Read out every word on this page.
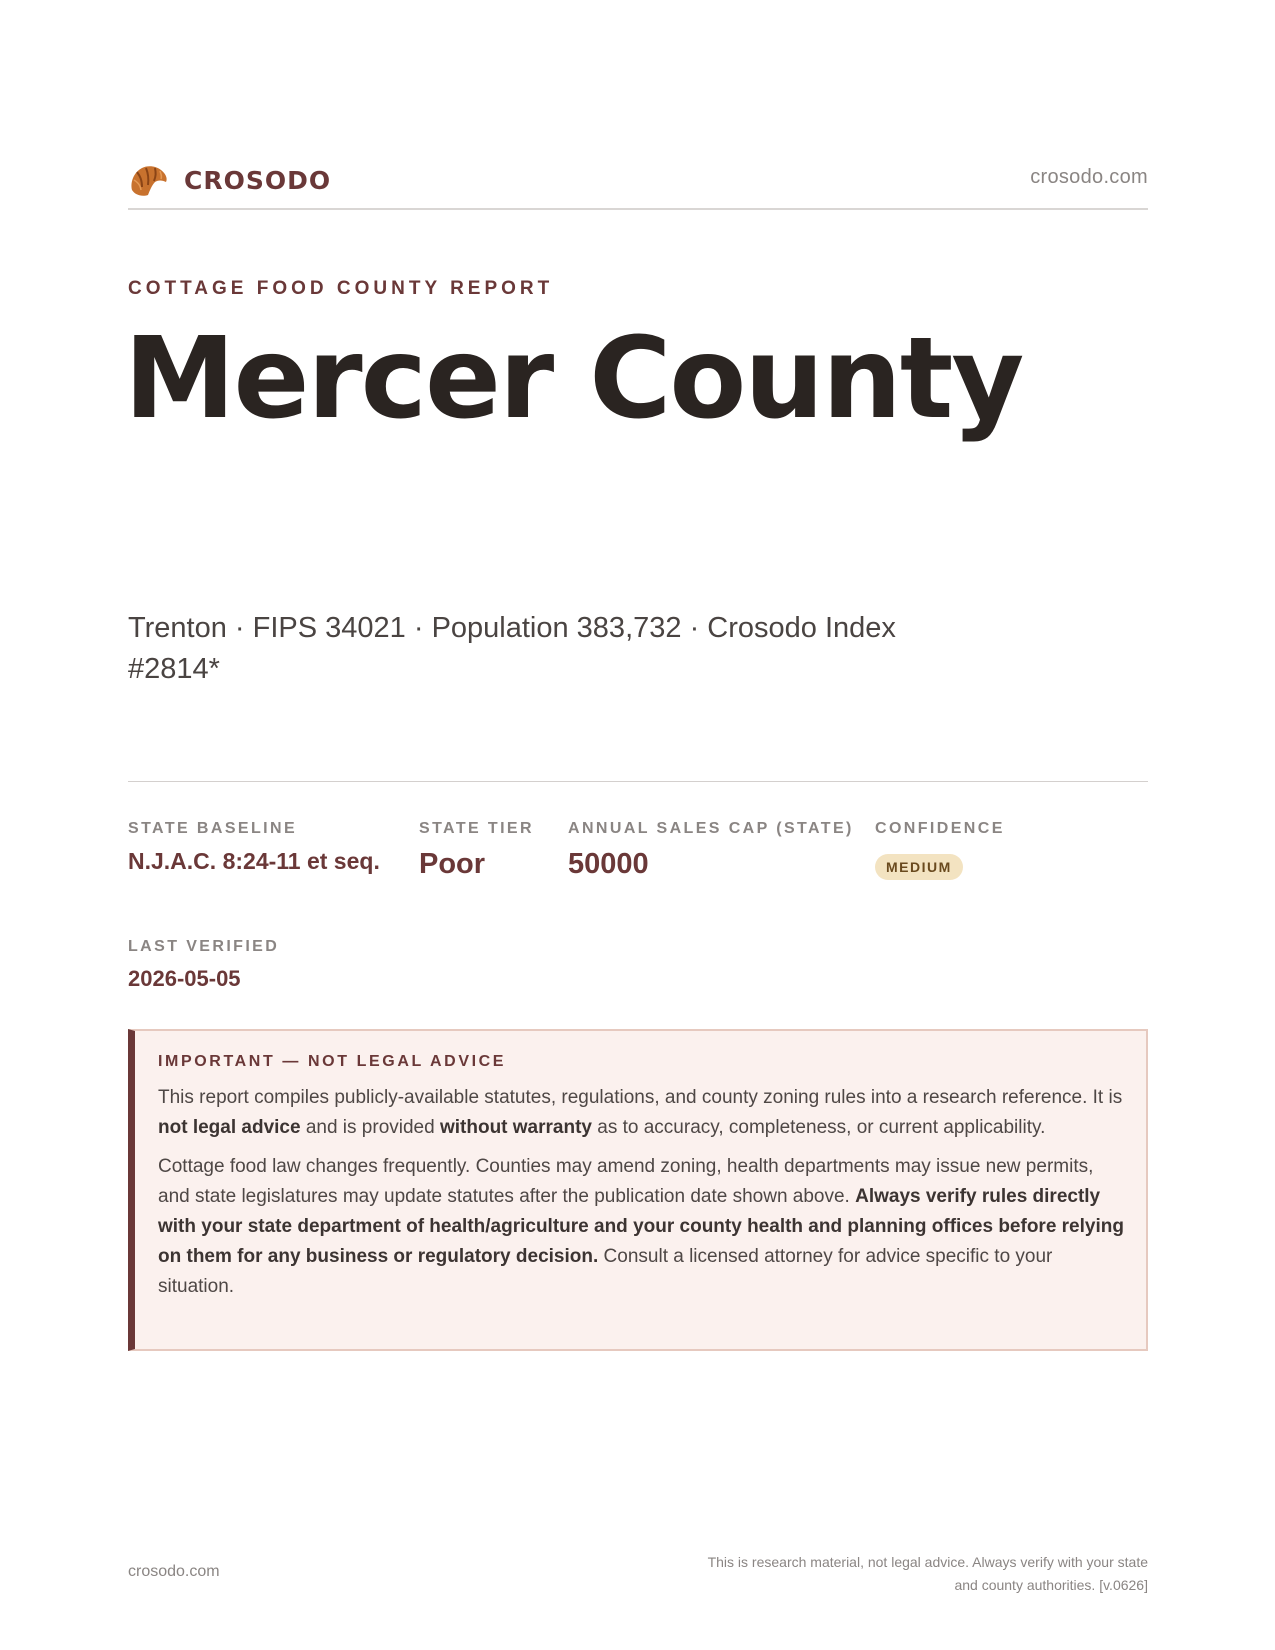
CROSODO	crosodo.com
COTTAGE FOOD COUNTY REPORT
Mercer County
Trenton · FIPS 34021 · Population 383,732 · Crosodo Index #2814*
STATE BASELINE
N.J.A.C. 8:24-11 et seq.
STATE TIER
Poor
ANNUAL SALES CAP (STATE)
50000
CONFIDENCE
MEDIUM
LAST VERIFIED
2026-05-05
IMPORTANT — NOT LEGAL ADVICE

This report compiles publicly-available statutes, regulations, and county zoning rules into a research reference. It is not legal advice and is provided without warranty as to accuracy, completeness, or current applicability.

Cottage food law changes frequently. Counties may amend zoning, health departments may issue new permits, and state legislatures may update statutes after the publication date shown above. Always verify rules directly with your state department of health/agriculture and your county health and planning offices before relying on them for any business or regulatory decision. Consult a licensed attorney for advice specific to your situation.

crosodo.com
This is research material, not legal advice. Always verify with your state
and county authorities. [v.0626]
